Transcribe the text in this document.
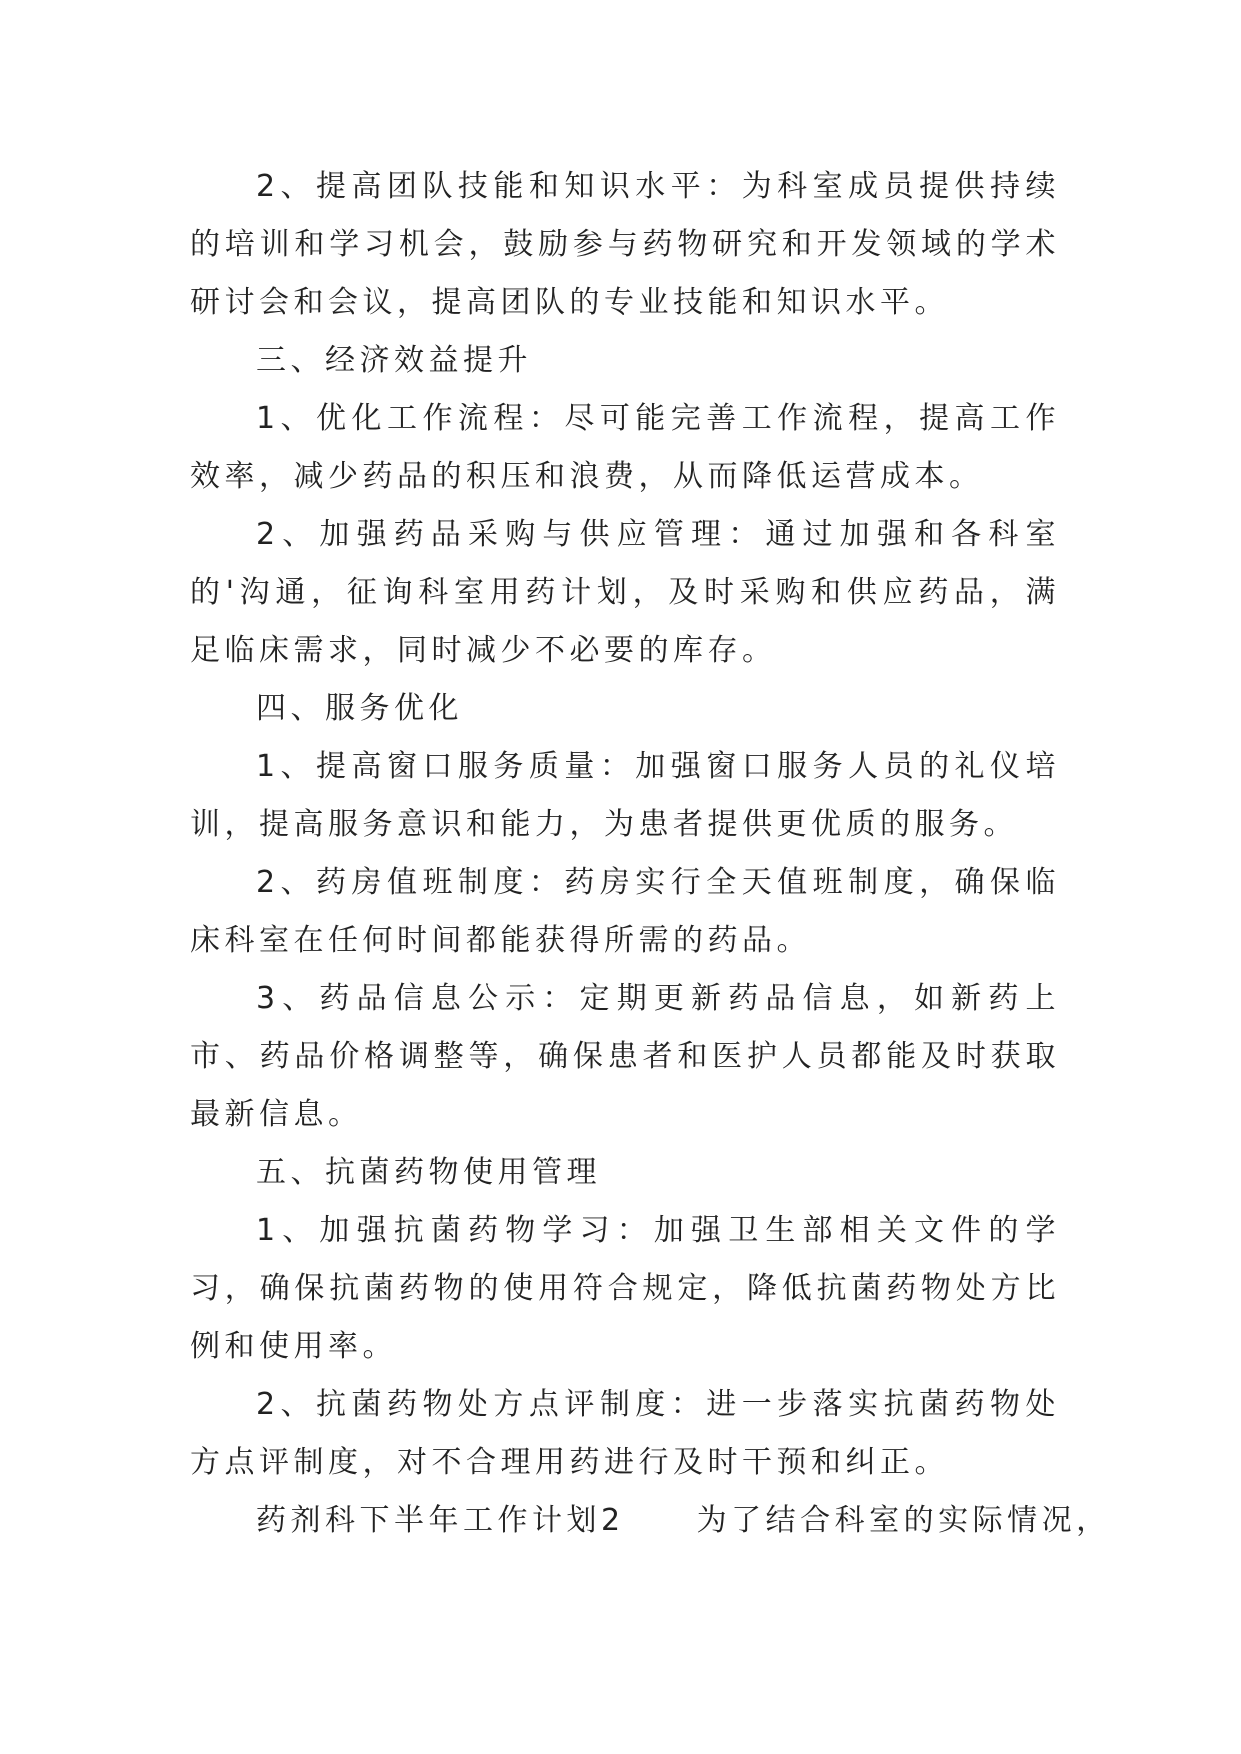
2、提高团队技能和知识水平：为科室成员提供持续的培训和学习机会，鼓励参与药物研究和开发领域的学术研讨会和会议，提高团队的专业技能和知识水平。

三、经济效益提升

1、优化工作流程：尽可能完善工作流程，提高工作效率，减少药品的积压和浪费，从而降低运营成本。

2、加强药品采购与供应管理：通过加强和各科室的'沟通，征询科室用药计划，及时采购和供应药品，满足临床需求，同时减少不必要的库存。

四、服务优化

1、提高窗口服务质量：加强窗口服务人员的礼仪培训，提高服务意识和能力，为患者提供更优质的服务。

2、药房值班制度：药房实行全天值班制度，确保临床科室在任何时间都能获得所需的药品。

3、药品信息公示：定期更新药品信息，如新药上市、药品价格调整等，确保患者和医护人员都能及时获取最新信息。

五、抗菌药物使用管理

1、加强抗菌药物学习：加强卫生部相关文件的学习，确保抗菌药物的使用符合规定，降低抗菌药物处方比例和使用率。

2、抗菌药物处方点评制度：进一步落实抗菌药物处方点评制度，对不合理用药进行及时干预和纠正。

药剂科下半年工作计划2 为了结合科室的实际情况，
